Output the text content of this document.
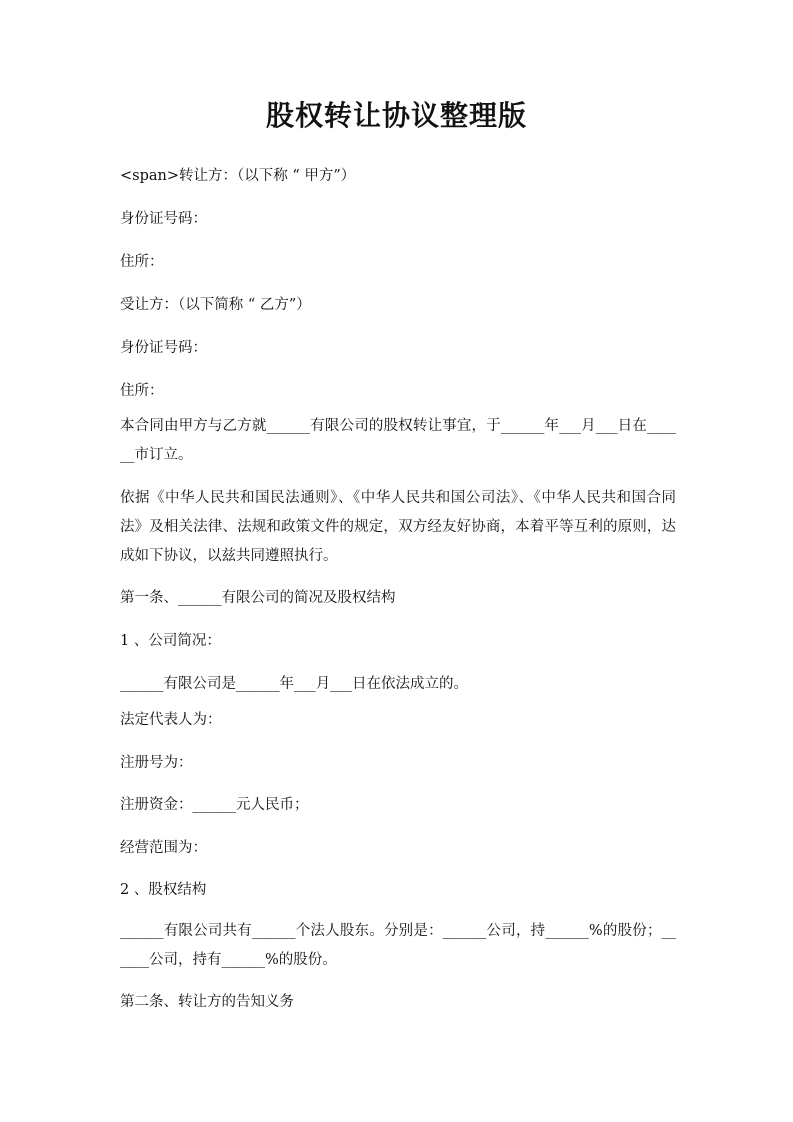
股权转让协议整理版

<span>转让方：（以下称 “ 甲方”）

身份证号码：

住所：

受让方：（以下简称 “ 乙方”）

身份证号码：

住所：

本合同由甲方与乙方就______有限公司的股权转让事宜，于______年___月___日在______市订立。

依据《中华人民共和国民法通则》、《中华人民共和国公司法》、《中华人民共和国合同法》及相关法律、法规和政策文件的规定，双方经友好协商，本着平等互利的原则，达成如下协议，以兹共同遵照执行。

第一条、______有限公司的简况及股权结构

1 、公司简况：

______有限公司是______年___月___日在依法成立的。

法定代表人为：

注册号为：

注册资金：______元人民币；

经营范围为：

2 、股权结构

______有限公司共有______个法人股东。分别是：______公司，持______%的股份；______公司，持有______%的股份。

第二条、转让方的告知义务
